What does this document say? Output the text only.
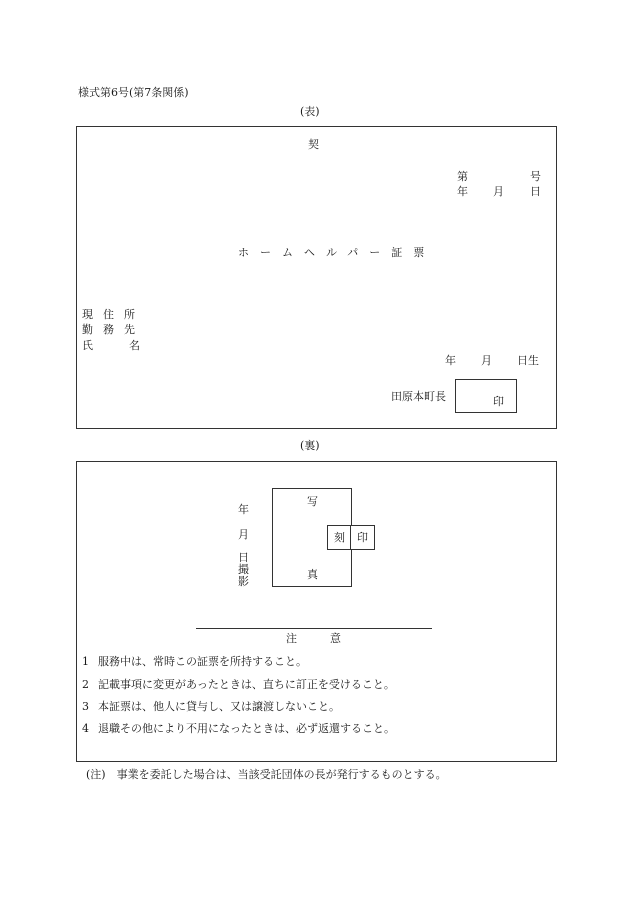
様式第6号(第7条関係)
(表)
契
第	号
年 月 日
ホームヘルパー証票
現住所
勤務先
氏	名
年 月 日生
田原本町長	印
(裏)
年
月
日
撮
影
写
真
刻 印
注　　　意
1 服務中は、常時この証票を所持すること。
2 記載事項に変更があったときは、直ちに訂正を受けること。
3 本証票は、他人に貸与し、又は譲渡しないこと。
4 退職その他により不用になったときは、必ず返還すること。
(注)　事業を委託した場合は、当該受託団体の長が発行するものとする。
